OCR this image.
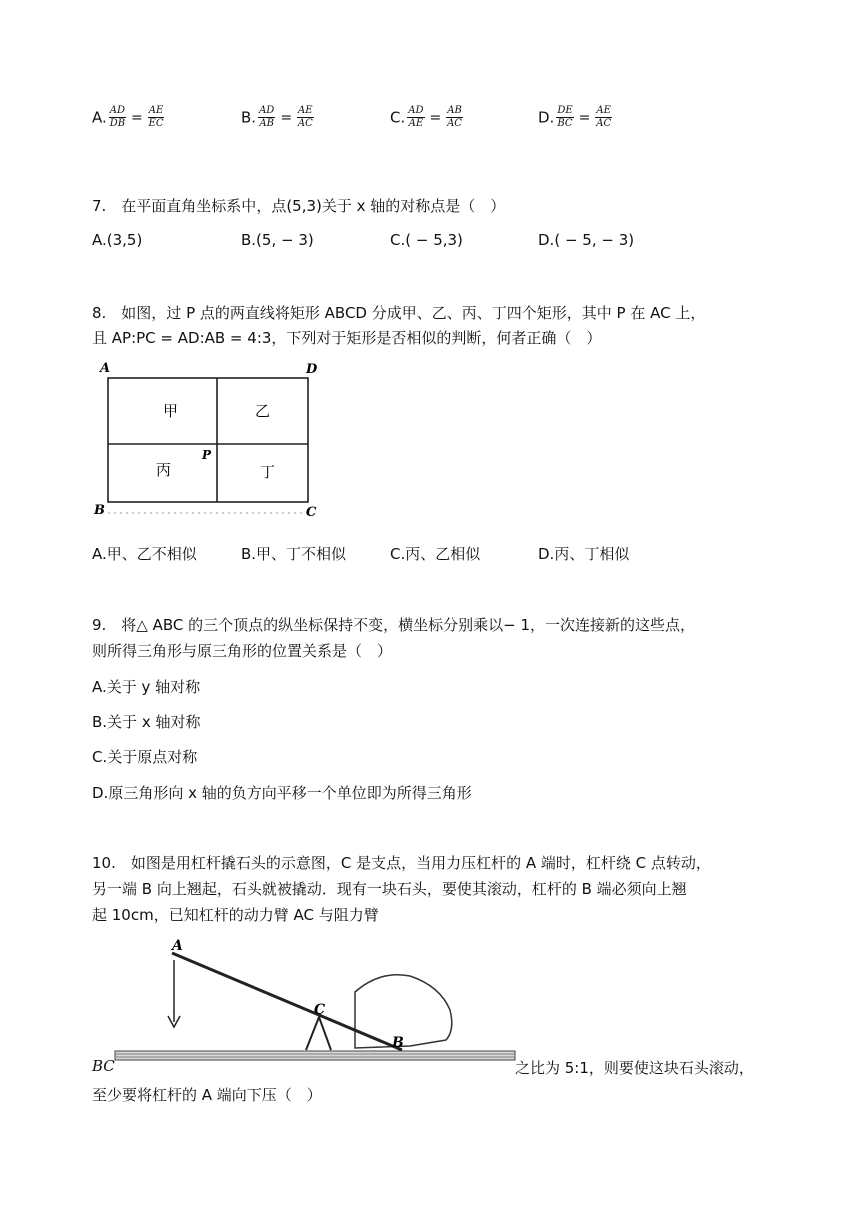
A. $\frac{AD}{DB} = \frac{AE}{EC}$	B. $\frac{AD}{AB} = \frac{AE}{AC}$	C. $\frac{AD}{AE} = \frac{AB}{AC}$	D. $\frac{DE}{BC} = \frac{AE}{AC}$
7.　在平面直角坐标系中，点(5,3)关于 x 轴的对称点是（　）
A.(3,5)	B.(5, − 3)	C.( − 5,3)	D.( − 5, − 3)
8.　如图，过 P 点的两直线将矩形 ABCD 分成甲、乙、丙、丁四个矩形，其中 P 在 AC 上，
且 AP:PC = AD:AB = 4:3，下列对于矩形是否相似的判断，何者正确（　）
A	D
B	C
P
甲	乙
丙	丁
A.甲、乙不相似	B.甲、丁不相似	C.丙、乙相似	D.丙、丁相似
9.　将△ ABC 的三个顶点的纵坐标保持不变，横坐标分别乘以− 1，一次连接新的这些点，
则所得三角形与原三角形的位置关系是（　）
A.关于 y 轴对称
B.关于 x 轴对称
C.关于原点对称
D.原三角形向 x 轴的负方向平移一个单位即为所得三角形
10.　如图是用杠杆撬石头的示意图，C 是支点，当用力压杠杆的 A 端时，杠杆绕 C 点转动，
另一端 B 向上翘起，石头就被撬动．现有一块石头，要使其滚动，杠杆的 B 端必须向上翘
起 10cm，已知杠杆的动力臂 AC 与阻力臂
A
C
B
BC	之比为 5:1，则要使这块石头滚动，
至少要将杠杆的 A 端向下压（　）
